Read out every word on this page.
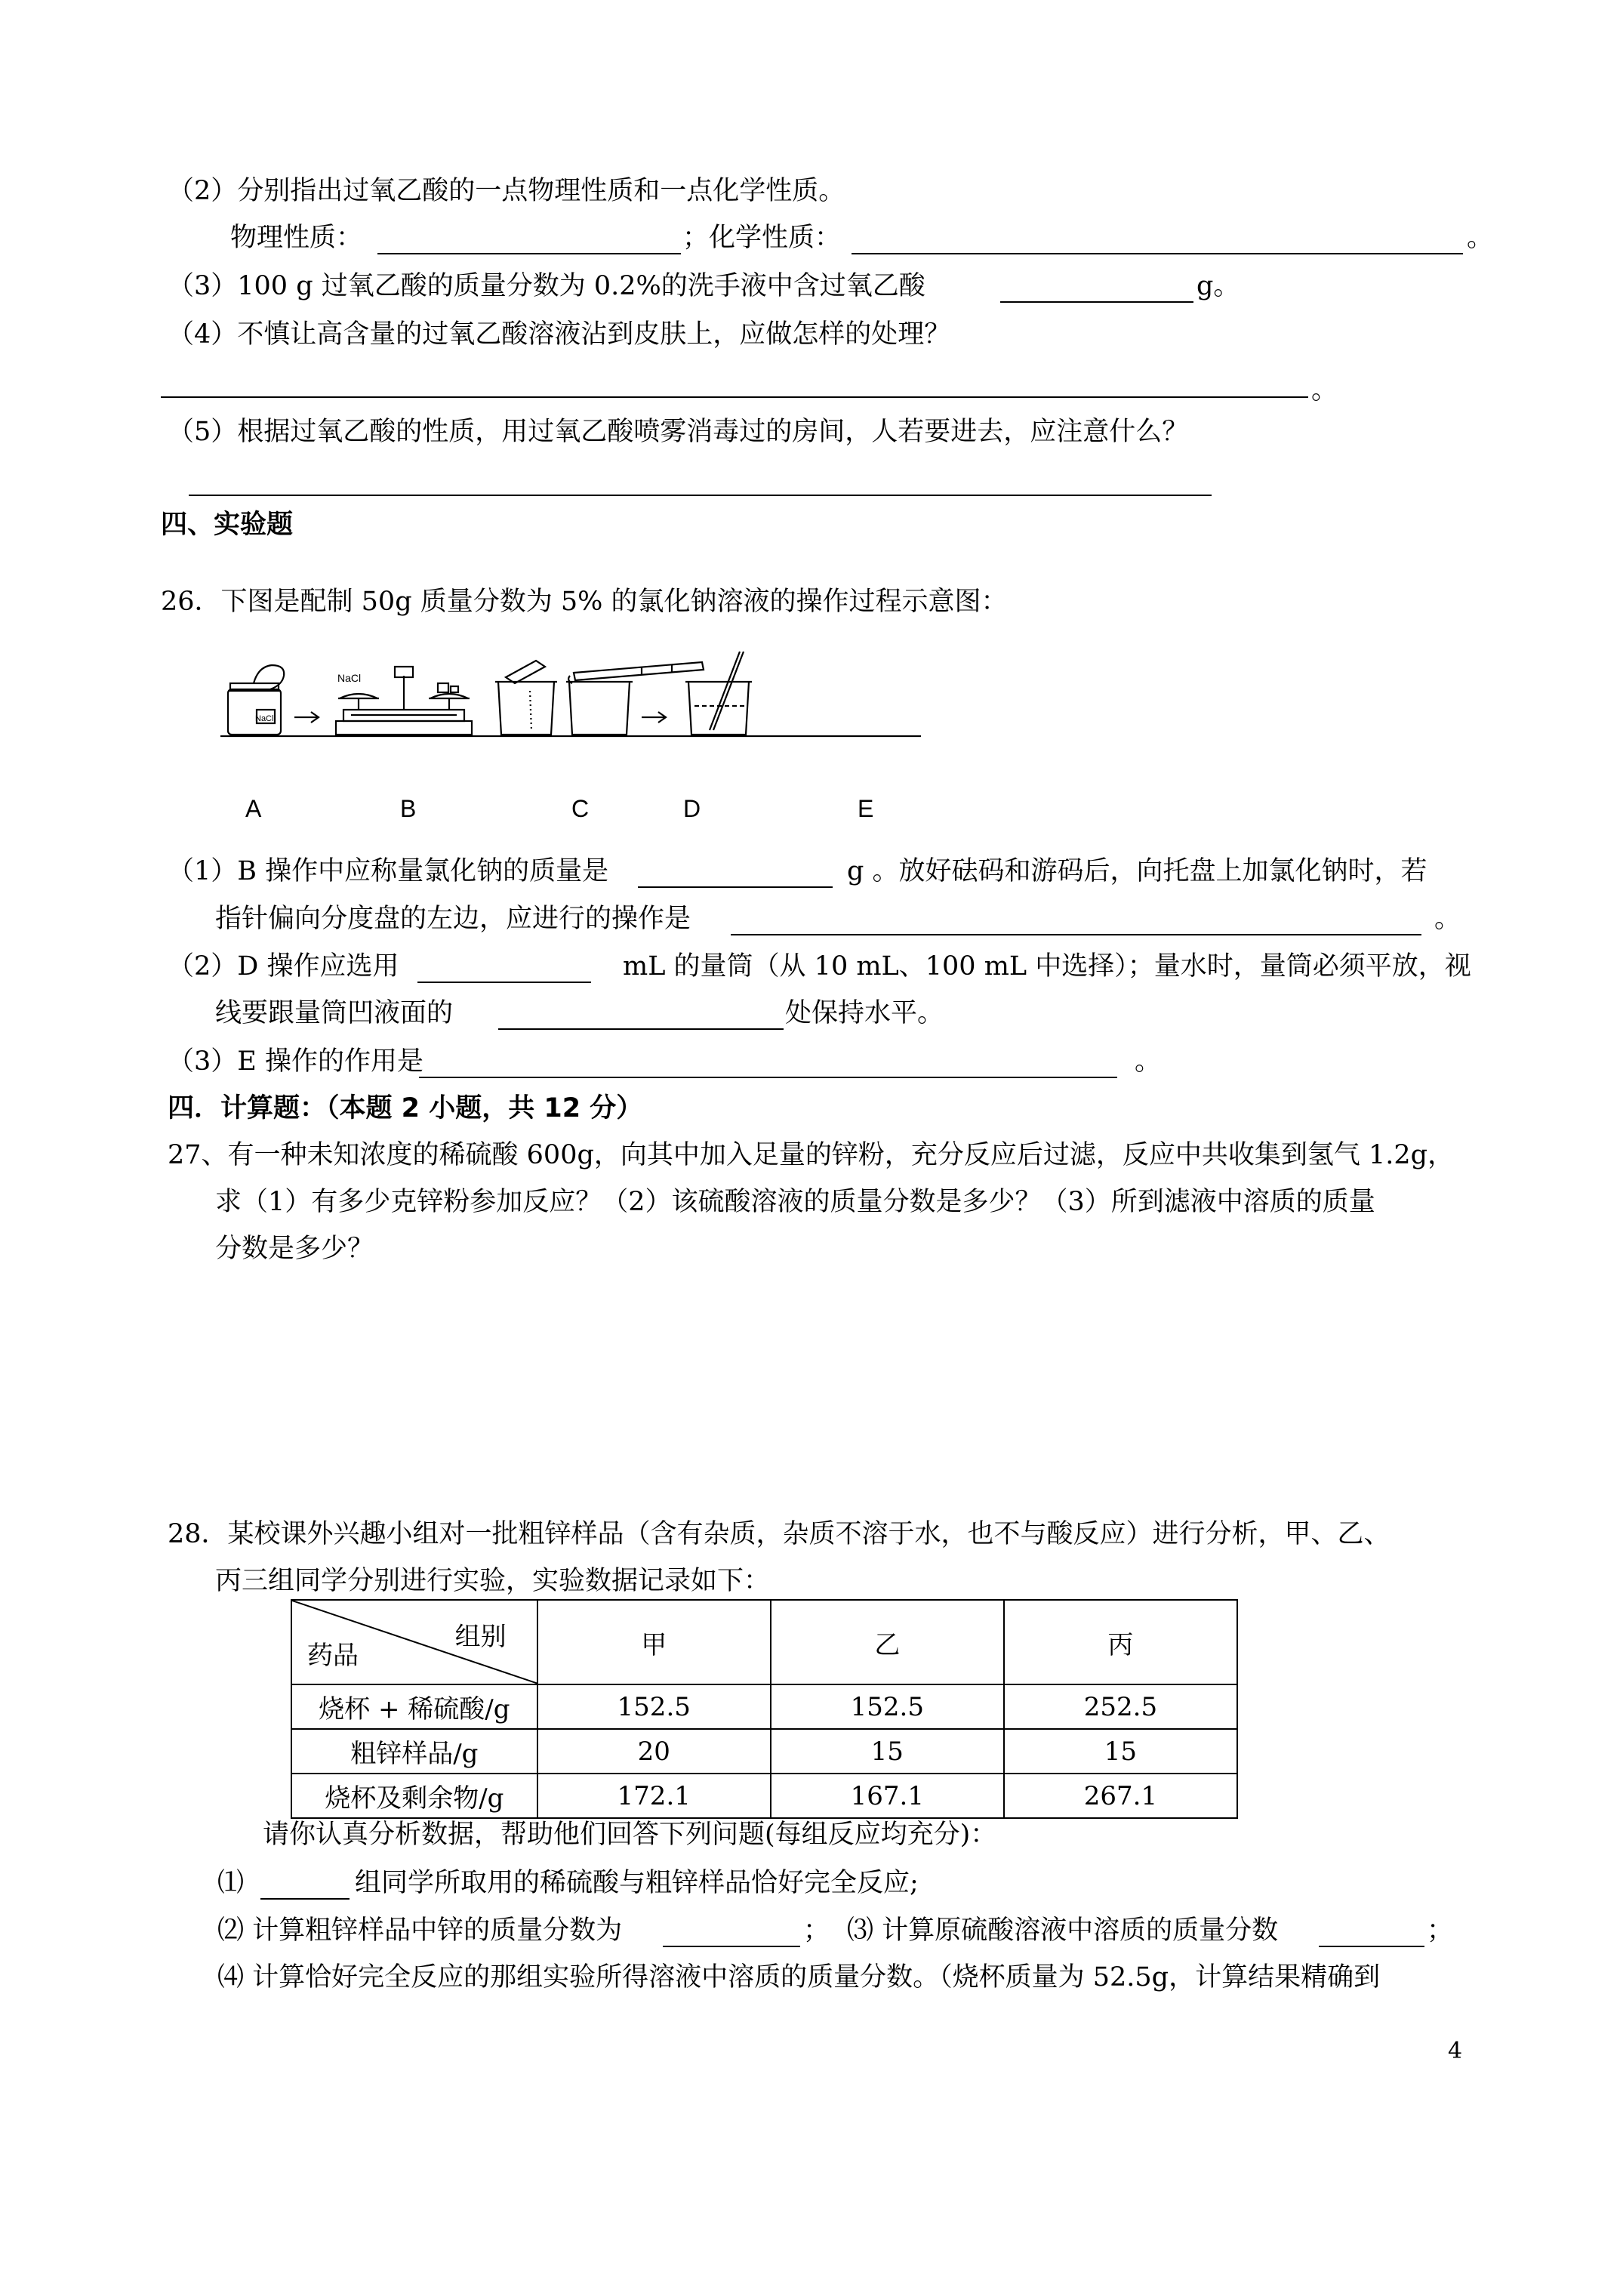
（2）分别指出过氧乙酸的一点物理性质和一点化学性质。
物理性质：	；化学性质：	。
（3）100 g 过氧乙酸的质量分数为 0.2%的洗手液中含过氧乙酸	g。
（4）不慎让高含量的过氧乙酸溶液沾到皮肤上，应做怎样的处理？
。
（5）根据过氧乙酸的性质，用过氧乙酸喷雾消毒过的房间，人若要进去，应注意什么？
四、实验题
26．下图是配制 50g 质量分数为 5% 的氯化钠溶液的操作过程示意图：
NaCl
NaCl
A	B	C	D	E
（1）B 操作中应称量氯化钠的质量是	g 。放好砝码和游码后，向托盘上加氯化钠时，若
指针偏向分度盘的左边，应进行的操作是	。
（2）D 操作应选用	mL 的量筒（从 10 mL、100 mL 中选择）；量水时，量筒必须平放，视
线要跟量筒凹液面的	处保持水平。
（3）E 操作的作用是	。
四．计算题：（本题 2 小题，共 12 分）
27、有一种未知浓度的稀硫酸 600g，向其中加入足量的锌粉，充分反应后过滤，反应中共收集到氢气 1.2g，
求（1）有多少克锌粉参加反应？（2）该硫酸溶液的质量分数是多少？（3）所到滤液中溶质的质量
分数是多少？
28．某校课外兴趣小组对一批粗锌样品（含有杂质，杂质不溶于水，也不与酸反应）进行分析，甲、乙、
丙三组同学分别进行实验，实验数据记录如下：
组别
药品	甲	乙	丙
烧杯 + 稀硫酸/g	152.5	152.5	252.5
粗锌样品/g	20	15	15
烧杯及剩余物/g	172.1	167.1	267.1
请你认真分析数据，帮助他们回答下列问题(每组反应均充分)：
⑴	组同学所取用的稀硫酸与粗锌样品恰好完全反应;
⑵ 计算粗锌样品中锌的质量分数为	； ⑶ 计算原硫酸溶液中溶质的质量分数	；
⑷ 计算恰好完全反应的那组实验所得溶液中溶质的质量分数。（烧杯质量为 52.5g，计算结果精确到
4
